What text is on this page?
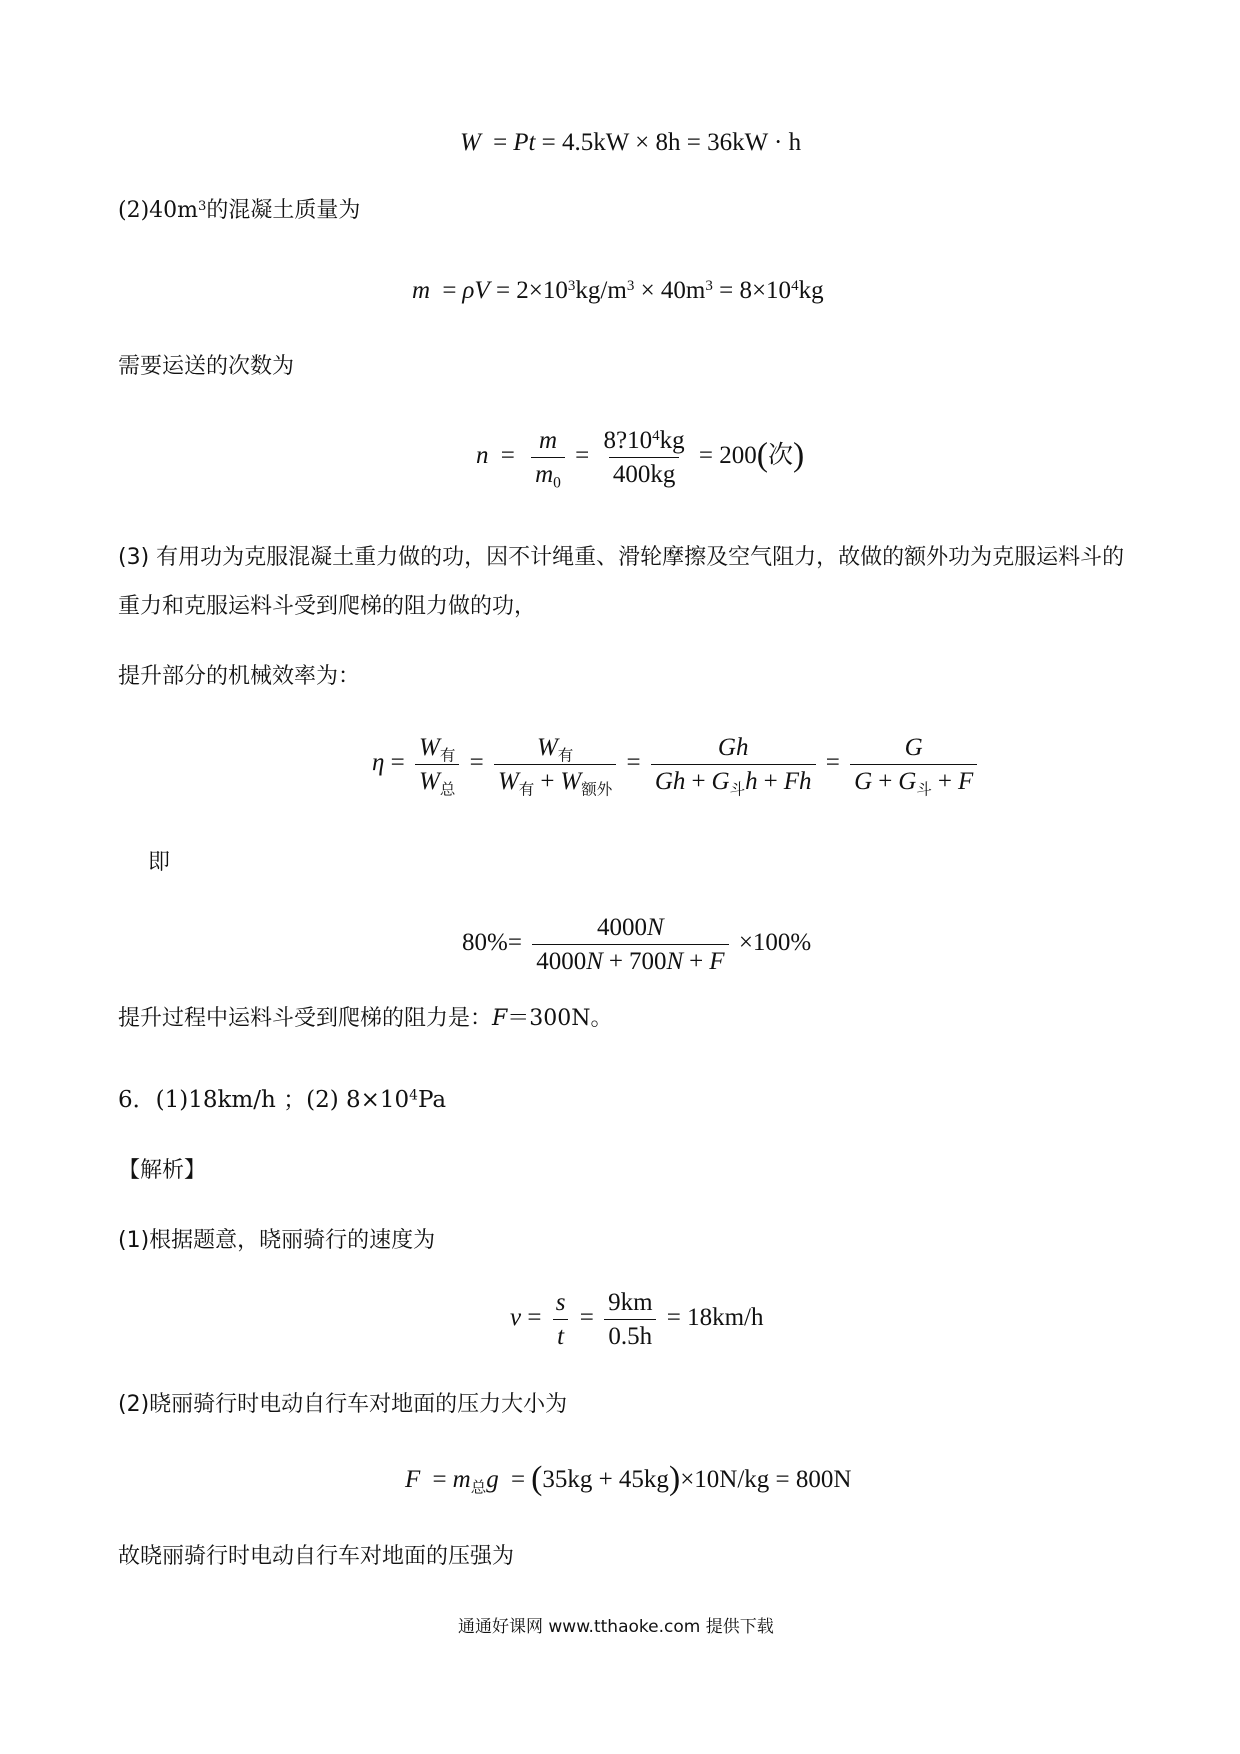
W = Pt = 4.5kW × 8h = 36kW · h
$(2)40m^3$的混凝土质量为
$m = \rho V = 2\times 10^3kg/m^3 \times 40m^3 = 8\times 10^4kg$
需要运送的次数为
$n = \frac{m}{m_0} = \frac{8?10^4kg}{400kg} = 200$(次)
(3) 有用功为克服混凝土重力做的功，因不计绳重、滑轮摩擦及空气阻力，故做的额外功为克服运料斗的
重力和克服运料斗受到爬梯的阻力做的功，
提升部分的机械效率为：
$\eta = \frac{W_有}{W_总} = \frac{W_有}{W_有 + W_{额外}} = \frac{Gh}{Gh + G_斗h + Fh} = \frac{G}{G + G_斗 + F}$
即
$80\%= \frac{4000N}{4000N + 700N + F} \times 100\%$
提升过程中运料斗受到爬梯的阻力是：F＝300N。
6．(1)18km/h ；(2) $8\times 10^4Pa$
【解析】
(1)根据题意，晓丽骑行的速度为
$v = \frac{s}{t} = \frac{9km}{0.5h} = 18km/h$
(2)晓丽骑行时电动自行车对地面的压力大小为
$F = m_总g = (35kg + 45kg)\times 10N/kg = 800N$
故晓丽骑行时电动自行车对地面的压强为
通通好课网 www.tthaoke.com 提供下载
